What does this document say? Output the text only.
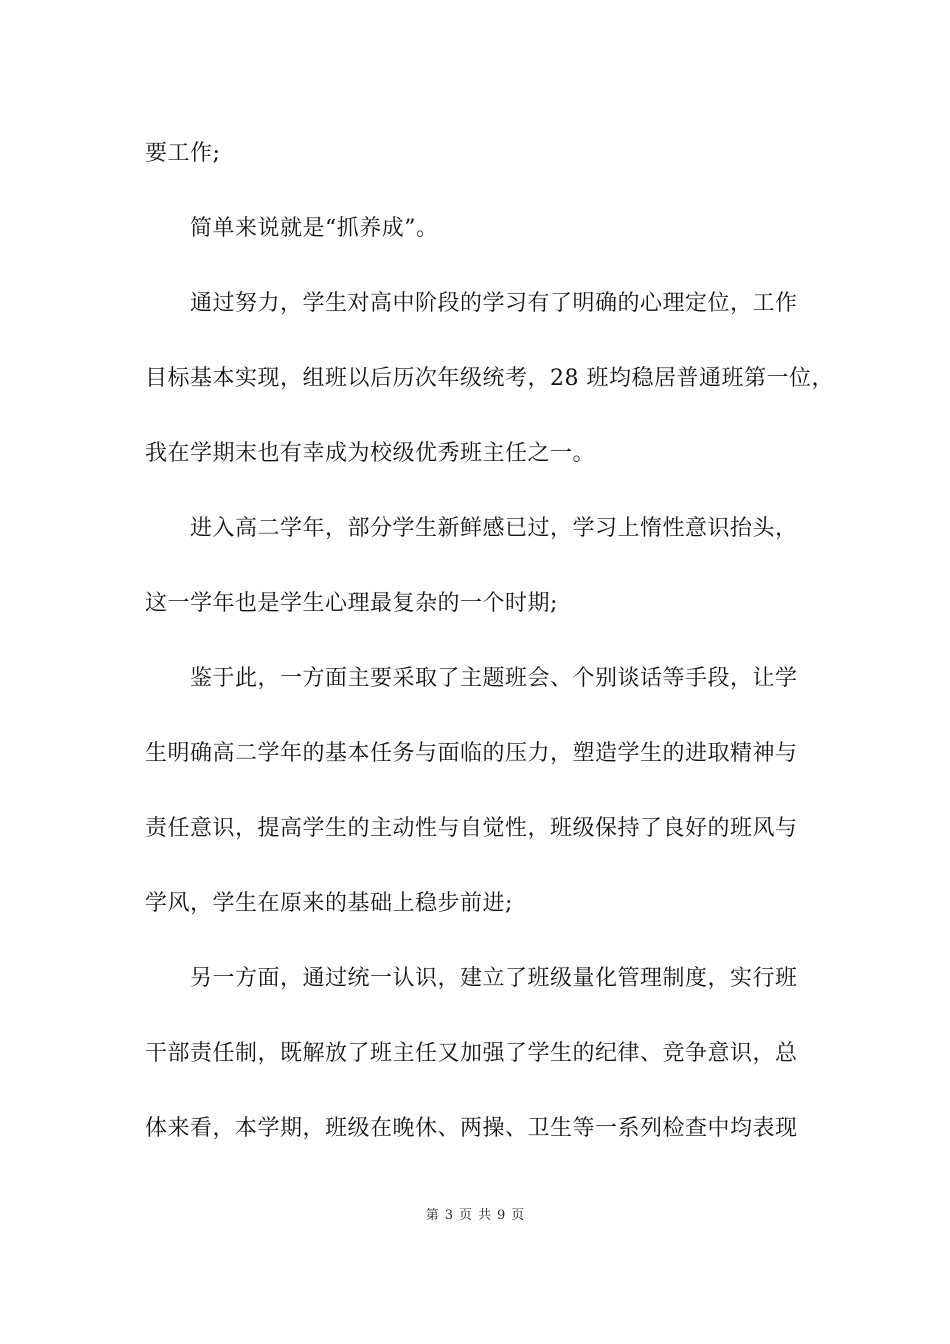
要工作;
简单来说就是“抓养成”。
通过努力，学生对高中阶段的学习有了明确的心理定位，工作
目标基本实现，组班以后历次年级统考，28 班均稳居普通班第一位，
我在学期末也有幸成为校级优秀班主任之一。
进入高二学年，部分学生新鲜感已过，学习上惰性意识抬头，
这一学年也是学生心理最复杂的一个时期;
鉴于此，一方面主要采取了主题班会、个别谈话等手段，让学
生明确高二学年的基本任务与面临的压力，塑造学生的进取精神与
责任意识，提高学生的主动性与自觉性，班级保持了良好的班风与
学风，学生在原来的基础上稳步前进;
另一方面，通过统一认识，建立了班级量化管理制度，实行班
干部责任制，既解放了班主任又加强了学生的纪律、竞争意识，总
体来看，本学期，班级在晚休、两操、卫生等一系列检查中均表现
第 3 页 共 9 页
